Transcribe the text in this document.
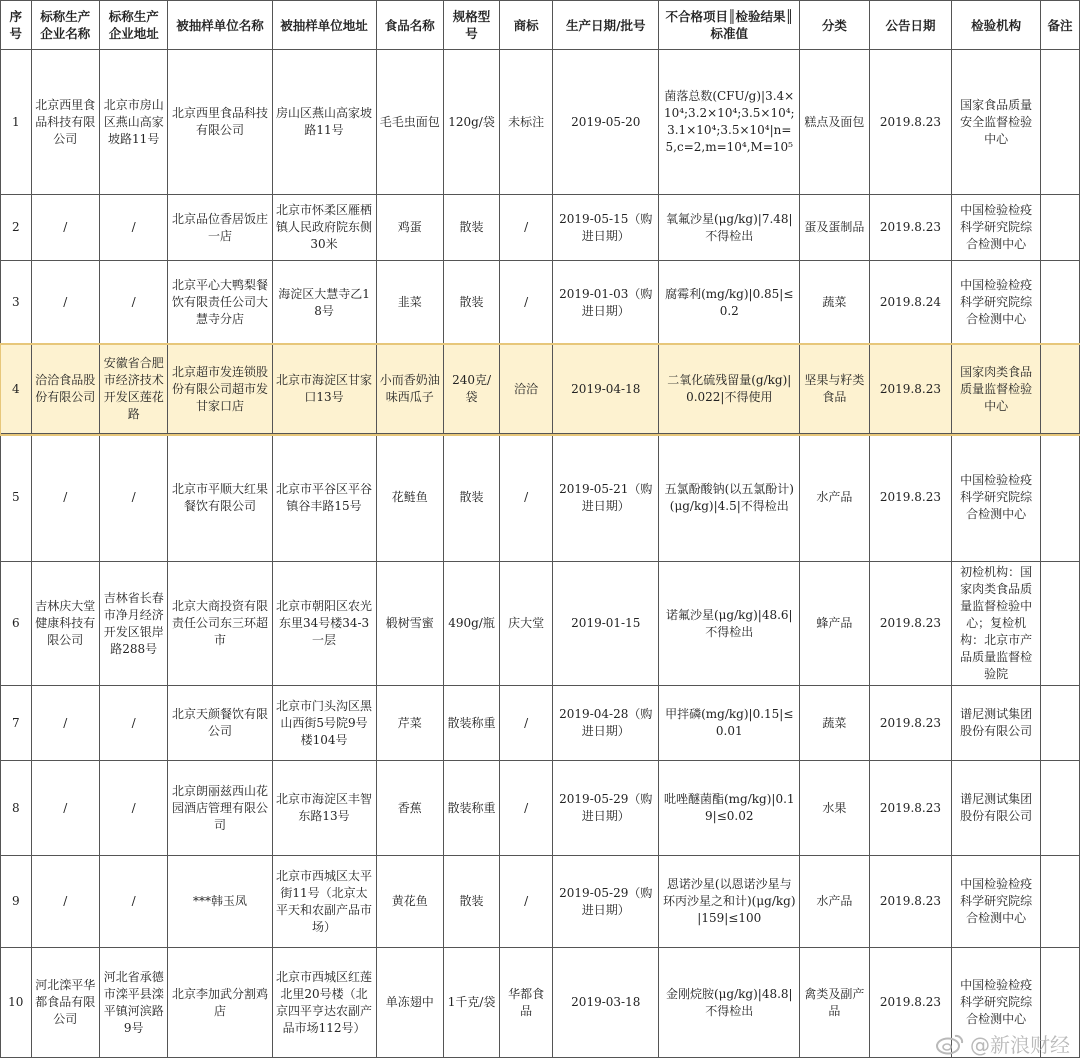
序号	标称生产企业名称	标称生产企业地址	被抽样单位名称	被抽样单位地址	食品名称	规格型号	商标	生产日期/批号	不合格项目║检验结果║标准值	分类	公告日期	检验机构	备注
1	北京西里食品科技有限公司	北京市房山区燕山高家坡路11号	北京西里食品科技有限公司	房山区燕山高家坡路11号	毛毛虫面包	120g/袋	未标注	2019-05-20	菌落总数(CFU/g)|3.4×10⁴;3.2×10⁴;3.5×10⁴;3.1×10⁴;3.5×10⁴|n=5,c=2,m=10⁴,M=10⁵	糕点及面包	2019.8.23	国家食品质量安全监督检验中心	
2	/	/	北京品位香居饭庄一店	北京市怀柔区雁栖镇人民政府院东侧30米	鸡蛋	散装	/	2019-05-15（购进日期）	氧氟沙星(μg/kg)|7.48|不得检出	蛋及蛋制品	2019.8.23	中国检验检疫科学研究院综合检测中心	
3	/	/	北京平心大鸭梨餐饮有限责任公司大慧寺分店	海淀区大慧寺乙18号	韭菜	散装	/	2019-01-03（购进日期）	腐霉利(mg/kg)|0.85|≤0.2	蔬菜	2019.8.24	中国检验检疫科学研究院综合检测中心	
4	洽洽食品股份有限公司	安徽省合肥市经济技术开发区莲花路	北京超市发连锁股份有限公司超市发甘家口店	北京市海淀区甘家口13号	小而香奶油味西瓜子	240克/袋	洽洽	2019-04-18	二氧化硫残留量(g/kg)|0.022|不得使用	坚果与籽类食品	2019.8.23	国家肉类食品质量监督检验中心	
5	/	/	北京市平顺大红果餐饮有限公司	北京市平谷区平谷镇谷丰路15号	花鲢鱼	散装	/	2019-05-21（购进日期）	五氯酚酸钠(以五氯酚计)(μg/kg)|4.5|不得检出	水产品	2019.8.23	中国检验检疫科学研究院综合检测中心	
6	吉林庆大堂健康科技有限公司	吉林省长春市净月经济开发区银岸路288号	北京大商投资有限责任公司东三环超市	北京市朝阳区农光东里34号楼34-3一层	椴树雪蜜	490g/瓶	庆大堂	2019-01-15	诺氟沙星(μg/kg)|48.6|不得检出	蜂产品	2019.8.23	初检机构：国家肉类食品质量监督检验中心；复检机构：北京市产品质量监督检验院	
7	/	/	北京天颜餐饮有限公司	北京市门头沟区黑山西街5号院9号楼104号	芹菜	散装称重	/	2019-04-28（购进日期）	甲拌磷(mg/kg)|0.15|≤0.01	蔬菜	2019.8.23	谱尼测试集团股份有限公司	
8	/	/	北京朗丽兹西山花园酒店管理有限公司	北京市海淀区丰智东路13号	香蕉	散装称重	/	2019-05-29（购进日期）	吡唑醚菌酯(mg/kg)|0.19|≤0.02	水果	2019.8.23	谱尼测试集团股份有限公司	
9	/	/	***韩玉凤	北京市西城区太平街11号（北京太平天和农副产品市场）	黄花鱼	散装	/	2019-05-29（购进日期）	恩诺沙星(以恩诺沙星与环丙沙星之和计)(μg/kg)|159|≤100	水产品	2019.8.23	中国检验检疫科学研究院综合检测中心	
10	河北滦平华都食品有限公司	河北省承德市滦平县滦平镇河滨路9号	北京李加武分割鸡店	北京市西城区红莲北里20号楼（北京四平亨达农副产品市场112号）	单冻翅中	1千克/袋	华都食品	2019-03-18	金刚烷胺(μg/kg)|48.8|不得检出	禽类及副产品	2019.8.23	中国检验检疫科学研究院综合检测中心	
@新浪财经
